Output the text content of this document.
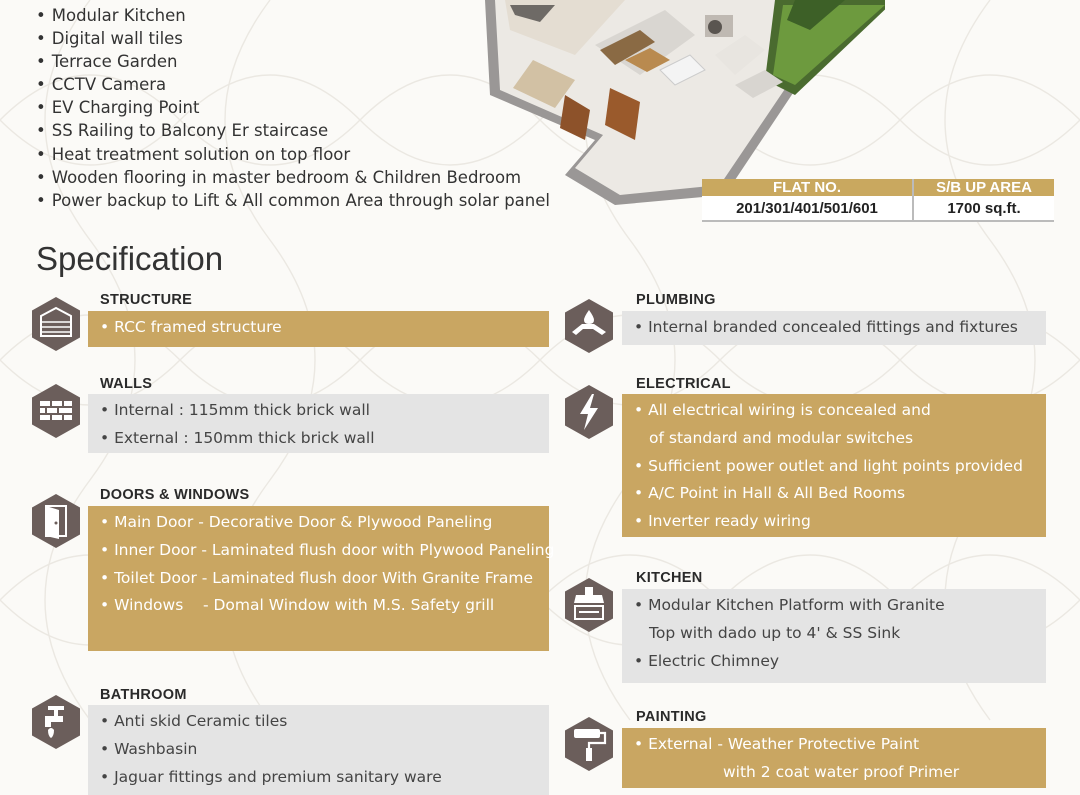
• Modular Kitchen
• Digital wall tiles
• Terrace Garden
• CCTV Camera
• EV Charging Point
• SS Railing to Balcony Er staircase
• Heat treatment solution on top floor
• Wooden flooring in master bedroom & Children Bedroom
• Power backup to Lift & All common Area through solar panel
FLAT NO.	S/B UP AREA
201/301/401/501/601	1700 sq.ft.
Specification
STRUCTURE
• RCC framed structure
WALLS
• Internal : 115mm thick brick wall
• External : 150mm thick brick wall
DOORS & WINDOWS
• Main Door - Decorative Door & Plywood Paneling
• Inner Door - Laminated flush door with Plywood Paneling
• Toilet Door - Laminated flush door With Granite Frame
• Windows    - Domal Window with M.S. Safety grill
BATHROOM
• Anti skid Ceramic tiles
• Washbasin
• Jaguar fittings and premium sanitary ware
PLUMBING
• Internal branded concealed fittings and fixtures
ELECTRICAL
• All electrical wiring is concealed and
of standard and modular switches
• Sufficient power outlet and light points provided
• A/C Point in Hall & All Bed Rooms
• Inverter ready wiring
KITCHEN
• Modular Kitchen Platform with Granite
Top with dado up to 4' & SS Sink
• Electric Chimney
PAINTING
• External - Weather Protective Paint
with 2 coat water proof Primer
